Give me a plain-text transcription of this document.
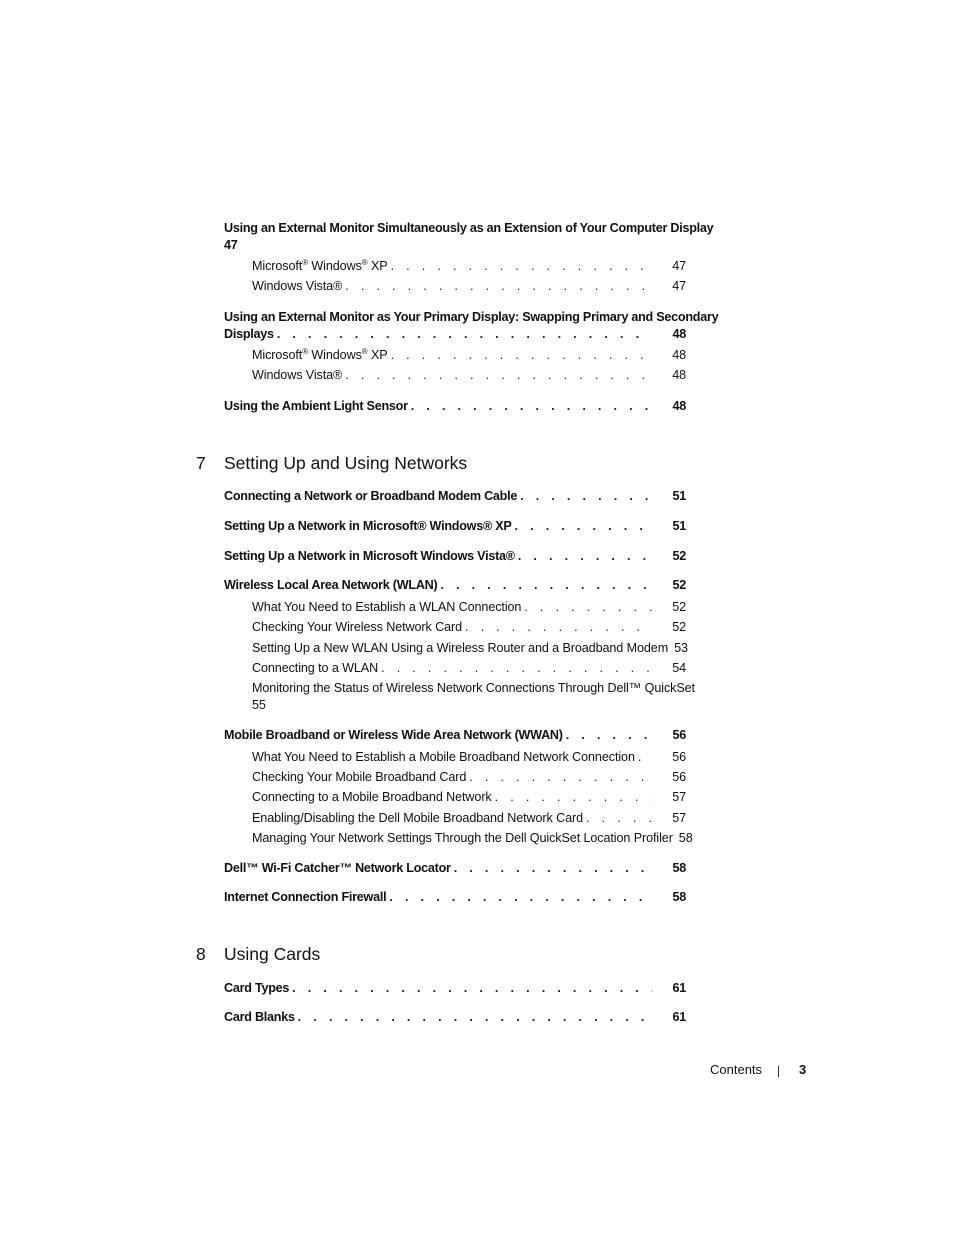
Using an External Monitor Simultaneously as an Extension of Your Computer Display
47
Microsoft® Windows® XP . . .	47
Windows Vista® . . .	47
Using an External Monitor as Your Primary Display: Swapping Primary and Secondary
Displays . . .	48
Microsoft® Windows® XP . . .	48
Windows Vista® . . .	48
Using the Ambient Light Sensor . . .	48
7 Setting Up and Using Networks
Connecting a Network or Broadband Modem Cable . . .	51
Setting Up a Network in Microsoft® Windows® XP . . .	51
Setting Up a Network in Microsoft Windows Vista® . . .	52
Wireless Local Area Network (WLAN) . . .	52
What You Need to Establish a WLAN Connection . . .	52
Checking Your Wireless Network Card . . .	52
Setting Up a New WLAN Using a Wireless Router and a Broadband Modem 53
Connecting to a WLAN . . .	54
Monitoring the Status of Wireless Network Connections Through Dell™ QuickSet
55
Mobile Broadband or Wireless Wide Area Network (WWAN) . . .	56
What You Need to Establish a Mobile Broadband Network Connection . . .	56
Checking Your Mobile Broadband Card . . .	56
Connecting to a Mobile Broadband Network . . .	57
Enabling/Disabling the Dell Mobile Broadband Network Card . . .	57
Managing Your Network Settings Through the Dell QuickSet Location Profiler 58
Dell™ Wi-Fi Catcher™ Network Locator . . .	58
Internet Connection Firewall . . .	58
8 Using Cards
Card Types . . .	61
Card Blanks . . .	61
Contents	3
